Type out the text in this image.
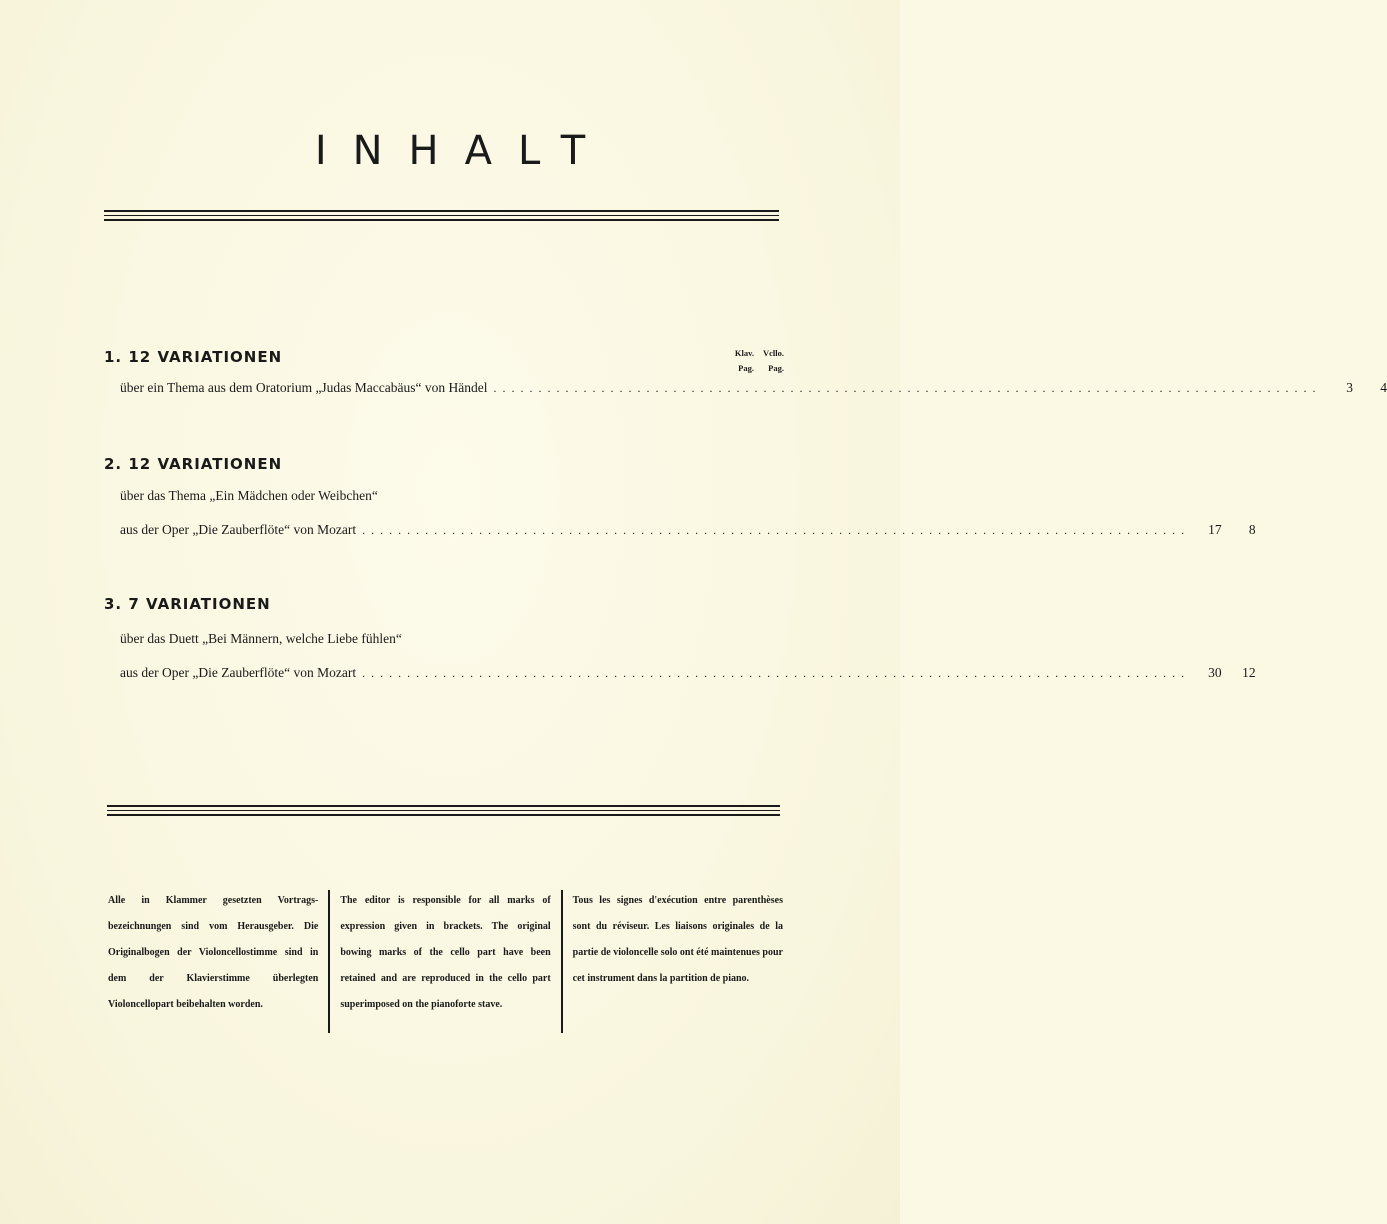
INHALT
Klav.	Vcllo.
Pag.	Pag.
1. 12 VARIATIONEN
über ein Thema aus dem Oratorium „Judas Maccabäus“ von Händel . . . . . . . . . . . . . . . . . . . . . . . . . . . . . . . . . . . . . . . . . . . . . . . . . . . . . . . . . . . . . . . . . . . . . . . . . . . . . . . . . . . . . . . . . . . .	3	4
2. 12 VARIATIONEN
über das Thema „Ein Mädchen oder Weibchen“
aus der Oper „Die Zauberflöte“ von Mozart . . . . . . . . . . . . . . . . . . . . . . . . . . . . . . . . . . . . . . . . . . . . . . . . . . . . . . . . . . . . . . . . . . . . . . . . . . . . . . . . . . . . . . . . . . . .	17	8
3. 7 VARIATIONEN
über das Duett „Bei Männern, welche Liebe fühlen“
aus der Oper „Die Zauberflöte“ von Mozart . . . . . . . . . . . . . . . . . . . . . . . . . . . . . . . . . . . . . . . . . . . . . . . . . . . . . . . . . . . . . . . . . . . . . . . . . . . . . . . . . . . . . . . . . . . .	30	12
Alle in Klammer gesetzten Vortragsbezeichnungen sind vom Herausgeber. Die Originalbogen der Violoncellostimme sind in dem der Klavierstimme überlegten Violoncellopart beibehalten worden.
The editor is responsible for all marks of expression given in brackets. The original bowing marks of the cello part have been retained and are reproduced in the cello part superimposed on the pianoforte stave.
Tous les signes d'exécution entre parenthèses sont du réviseur. Les liaisons originales de la partie de violoncelle solo ont été maintenues pour cet instrument dans la partition de piano.
